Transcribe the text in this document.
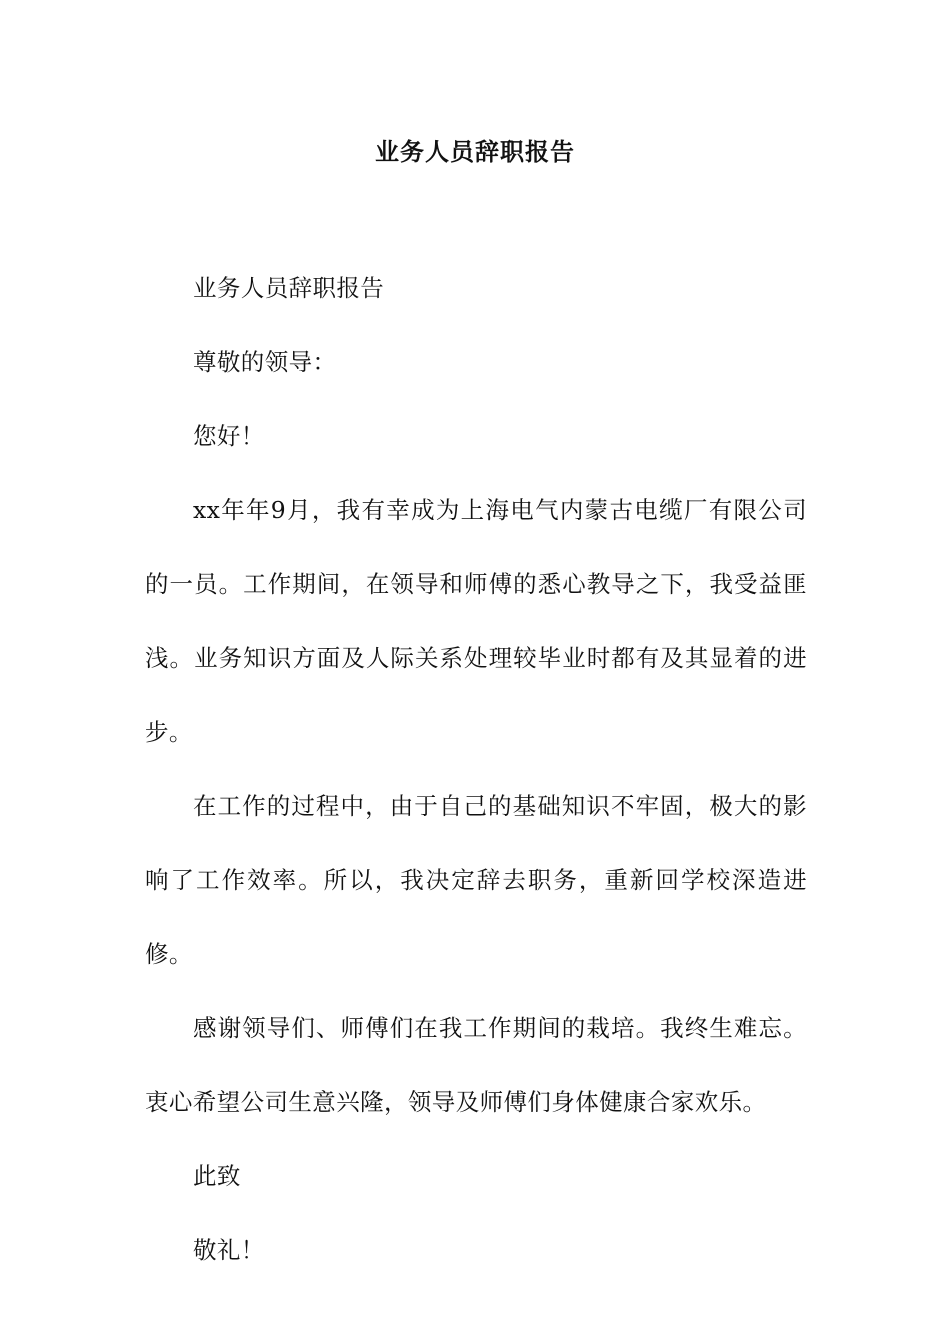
业务人员辞职报告

业务人员辞职报告

尊敬的领导：

您好！

xx年年9月，我有幸成为上海电气内蒙古电缆厂有限公司的一员。工作期间，在领导和师傅的悉心教导之下，我受益匪浅。业务知识方面及人际关系处理较毕业时都有及其显着的进步。

在工作的过程中，由于自己的基础知识不牢固，极大的影响了工作效率。所以，我决定辞去职务，重新回学校深造进修。

感谢领导们、师傅们在我工作期间的栽培。我终生难忘。衷心希望公司生意兴隆，领导及师傅们身体健康合家欢乐。

此致

敬礼！
